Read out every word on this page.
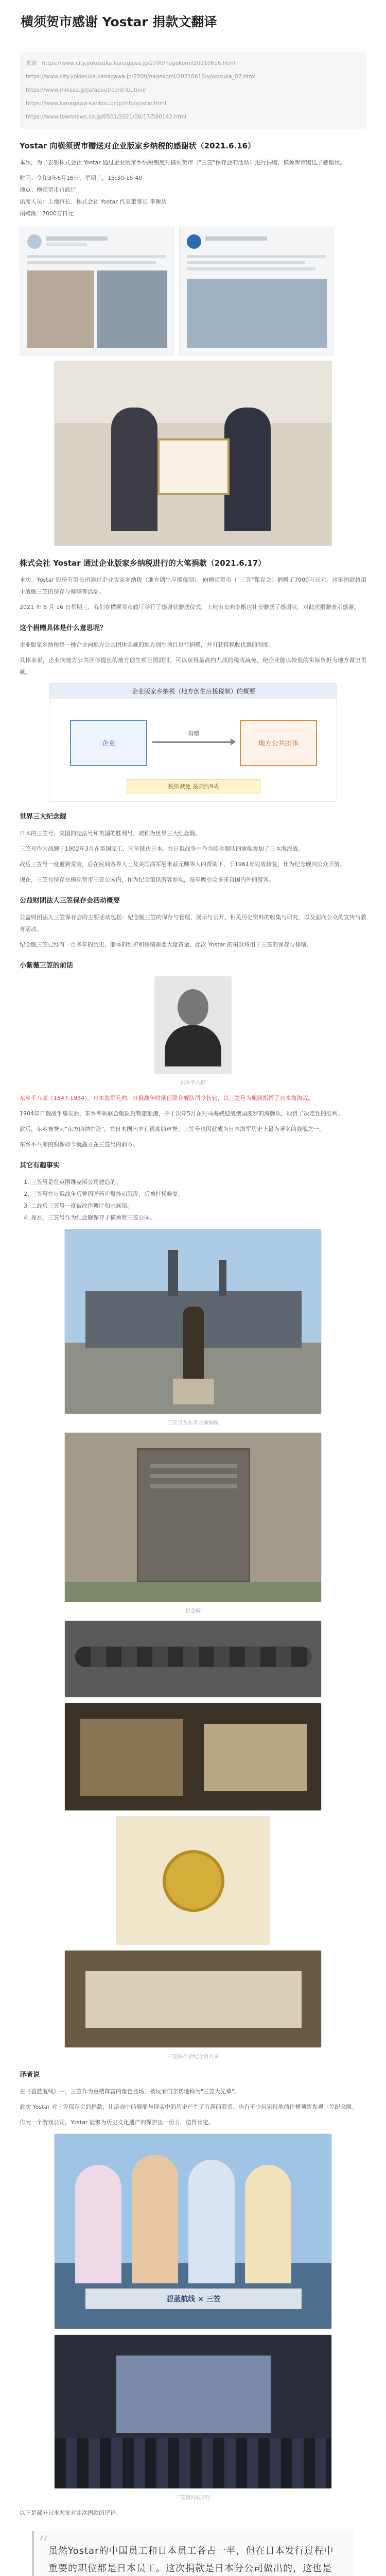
横须贺市感谢 Yostar 捐款文翻译
来源：https://www.city.yokosuka.kanagawa.jp/2700/nagekomi/20210616.html
https://www.city.yokosuka.kanagawa.jp/2700/nagekomi/20210616/yokosuka_07.html
https://www.mikasa.jp/ja/about/contribution/
https://www.kanagawa-kankou.or.jp/info/yostar.html
https://www.townnews.co.jp/0501/2021/06/17/580142.html
Yostar 向横须贺市赠送对企业版家乡纳税的感谢状（2021.6.16）

本次，为了表彰株式会社 Yostar 通过企业版家乡纳税制度对横须贺市（"三笠"保存会的活动）进行捐赠，横须贺市赠送了感谢状。

时间：令和3年6月16日，星期三，15:30-15:40
地点：横须贺市市政厅
出席人员：上地市长、株式会社 Yostar 代表董事长 李衡达
捐赠额：7000万日元
株式会社 Yostar 通过企业版家乡纳税进行的大笔捐款（2021.6.17）

本次，Yostar 股份有限公司通过企业版家乡纳税（地方创生应援税制），向横须贺市（"三笠"保存会）捐赠了7000万日元。这笔捐款将用于战舰三笠的保存与修缮等活动。

2021 年 6 月 16 日星期三，我们在横须贺市政厅举行了感谢状赠送仪式，上地市长向李衡达社长赠送了感谢状，对此次捐赠表示感谢。

这个捐赠具体是什么意思呢？

企业版家乡纳税是一种企业向地方公共团体实施的地方创生项目进行捐赠，并可获得税收优惠的制度。

具体来说，企业向地方公共团体提出的地方创生项目捐款时，可以获得最高约九成的税收减免，使企业能以较低的实际负担为地方做出贡献。

企业版家乡纳税（地方创生应援税制）的概要
企业	地方公共团体
捐赠
税额减免 最高约9成
世界三大纪念舰

日本的三笠号，美国的宪法号和英国的胜利号，被称为世界三大纪念舰。

三笠号作为战舰于1902年3月在英国完工，同年抵达日本。在日俄战争中作为联合舰队的旗舰参加了日本海海战。

战后三笠号一度遭到荒废，后在民间各界人士及美国海军尼米兹元帅等人的帮助下，于1961年完成修复，作为纪念舰向公众开放。

现在，三笠号保存在横须贺市三笠公园内，作为纪念馆供游客参观，每年吸引众多来自国内外的游客。

公益财团法人三笠保存会活动概要

公益财团法人三笠保存会的主要活动包括：纪念舰三笠的保存与管理、展示与公开、相关历史资料的收集与研究，以及面向公众的宣传与教育活动。

纪念舰三笠已经有一百多年的历史，船体的维护和修缮需要大量资金。此次 Yostar 的捐款将用于三笠的保存与修缮。

小紫薇三笠的前话
东乡平八郎

东乡平八郎（1847-1934），日本海军元帅，日俄战争时期任联合舰队司令长官，以三笠号为旗舰指挥了日本海海战。

1904年日俄战争爆发后，东乡率领联合舰队封锁旅顺港，并于次年5月在对马海峡迎战俄国波罗的海舰队，取得了决定性的胜利。

此后，东乡被誉为"东方的纳尔逊"，在日本国内享有很高的声誉。三笠号也因此成为日本海军历史上最为著名的战舰之一。

东乡平八郎的铜像如今就矗立在三笠号的前方。

其它有趣事实
1. 三笠号是在英国维克斯公司建造的。
2. 三笠号在日俄战争后曾因弹药库爆炸而沉没，后被打捞修复。
3. 二战后三笠号一度被改作舞厅和水族馆。
4. 现在，三笠号作为纪念舰保存于横须贺三笠公园。
三笠号及东乡元帅铜像
纪念碑
三笠保存会纪念馆内景
译者说

在《碧蓝航线》中，三笠作为重樱阵营的角色登场，被玩家们亲切地称为"三笠大先辈"。

此次 Yostar 对三笠保存会的捐款，让游戏中的舰船与现实中的历史产生了有趣的联系。也有不少玩家特地前往横须贺参观三笠纪念舰。

作为一个游戏公司，Yostar 能够为历史文化遗产的保护出一份力，值得肯定。

碧蓝航线 × 三笠
三笠舰内展示厅

以下是部分日本网友对此次捐款的评论：

“ 虽然Yostar的中国员工和日本员工各占一半，但在日本发行过程中重要的职位都是日本员工。这次捐款是日本分公司做出的，这也是
